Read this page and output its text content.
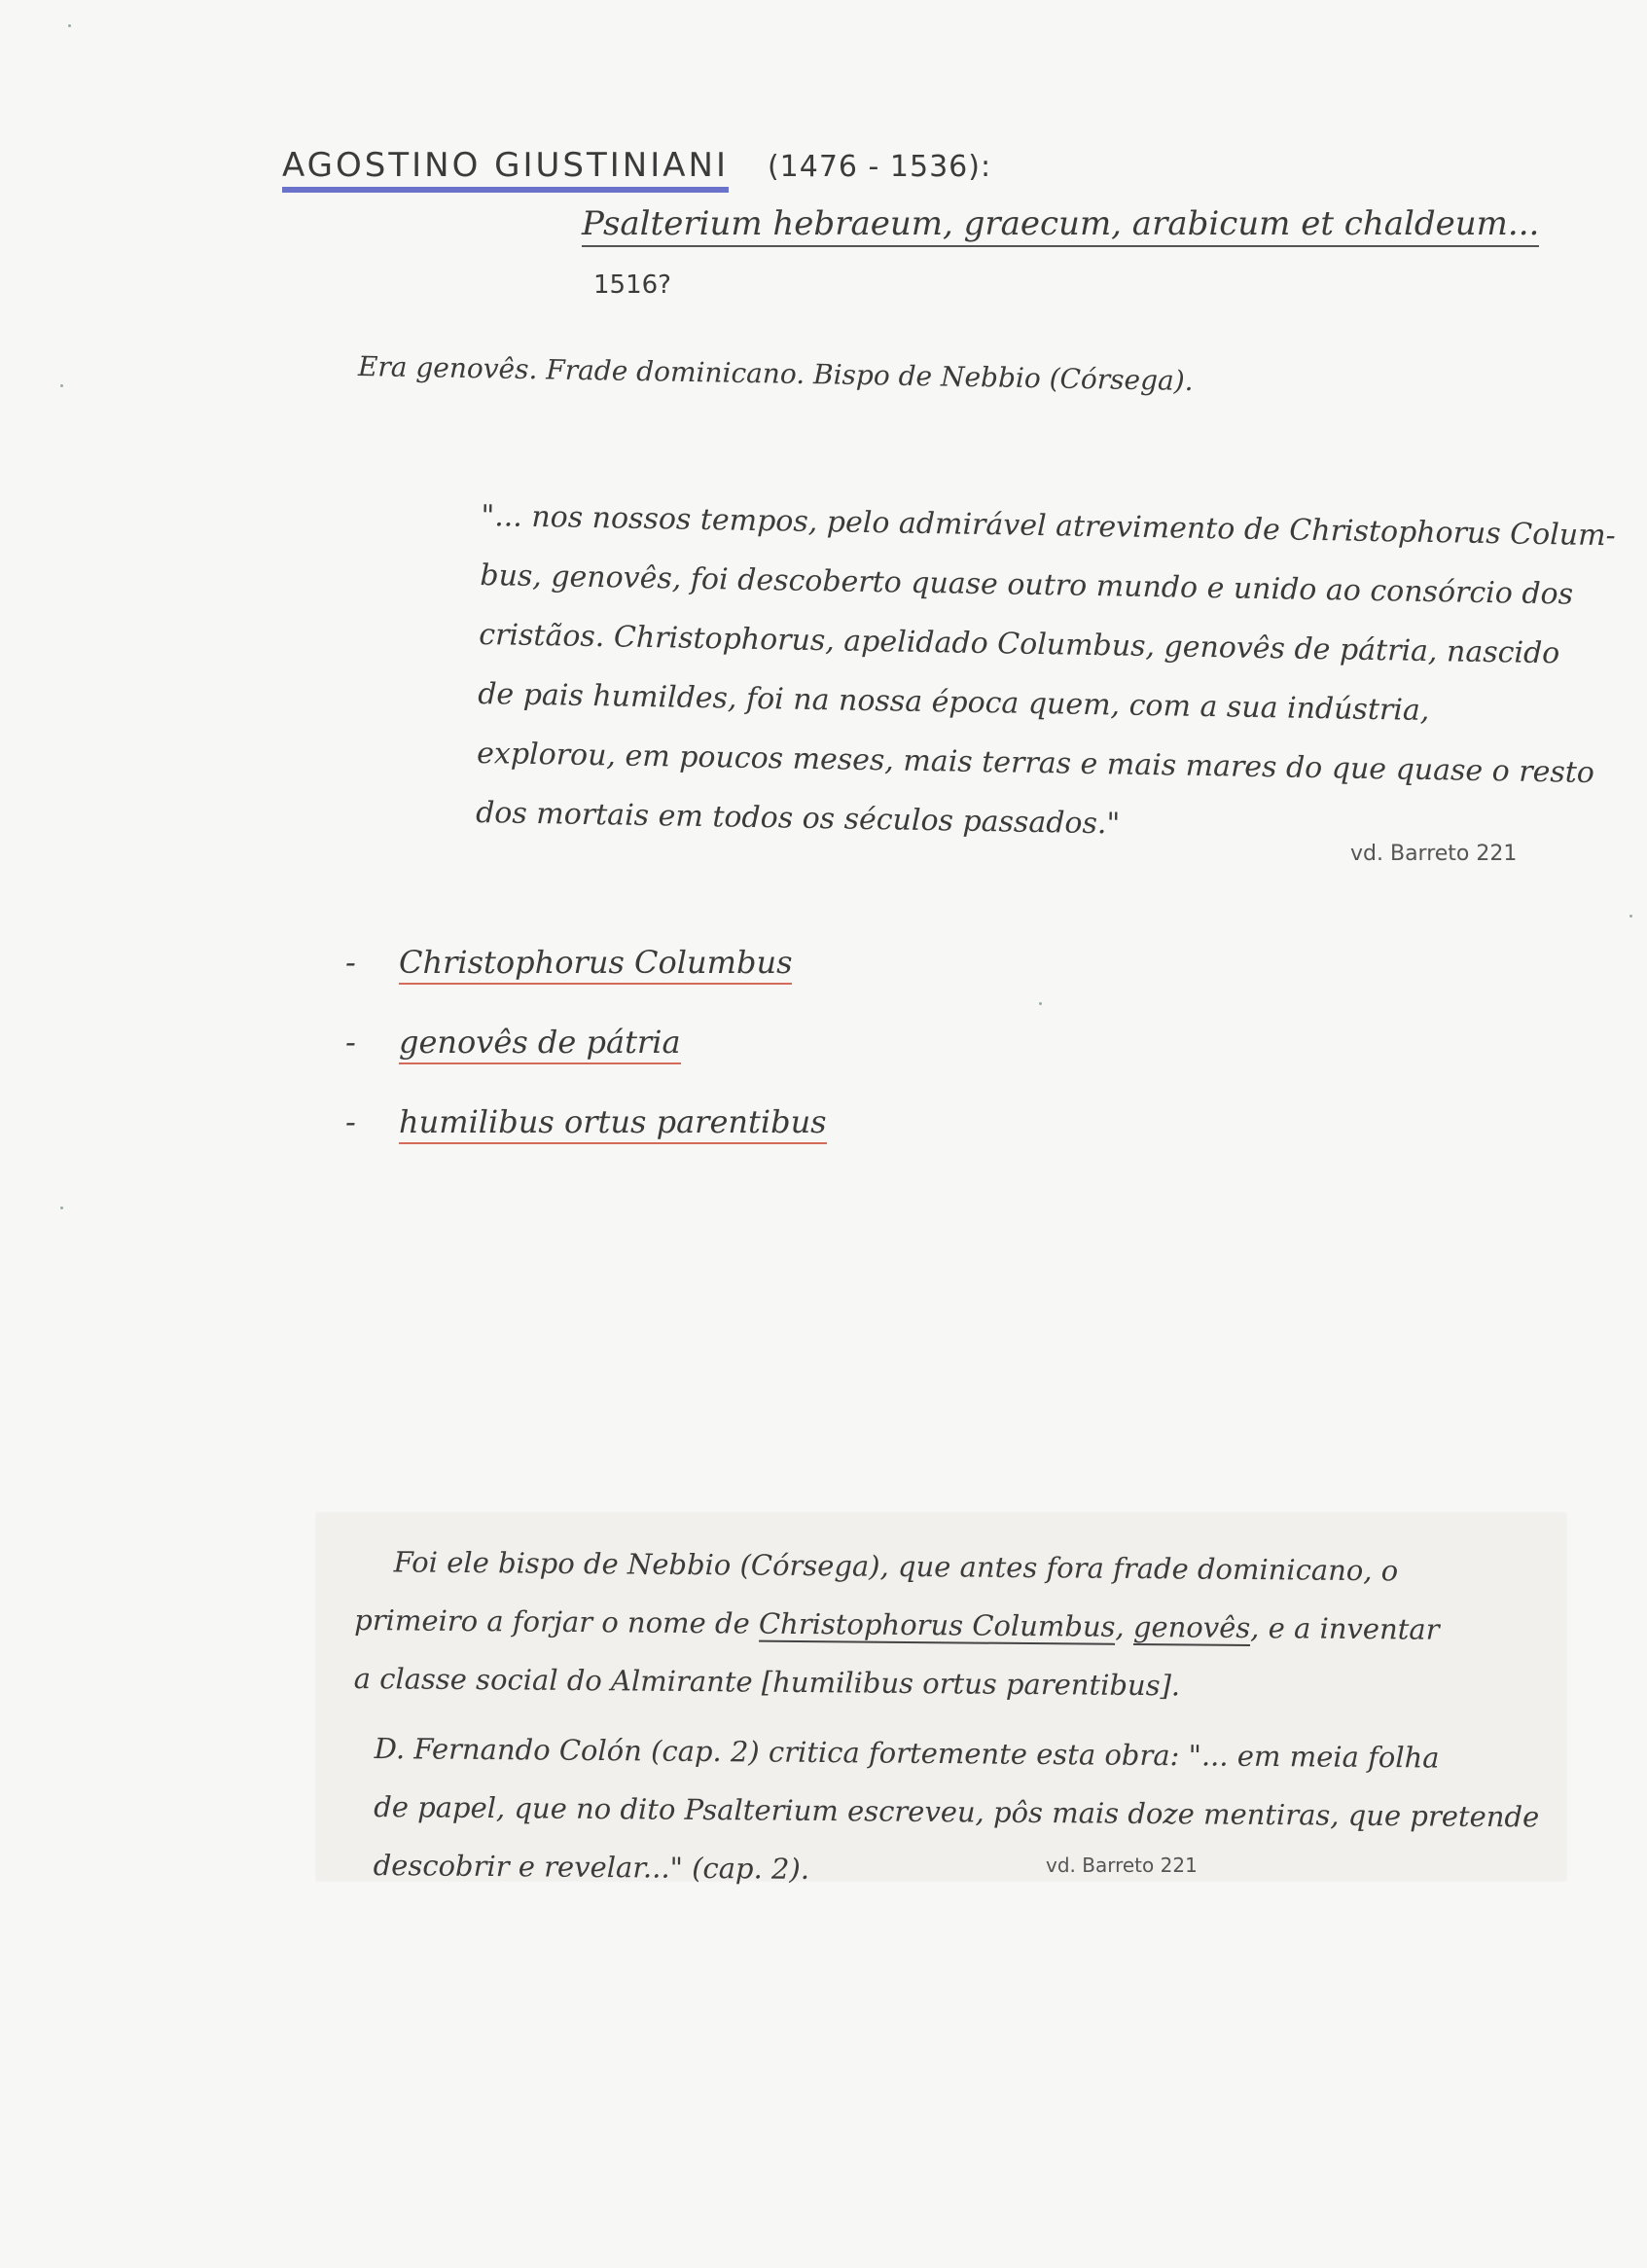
AGOSTINO GIUSTINIANI (1476 - 1536):
Psalterium hebraeum, graecum, arabicum et chaldeum...
1516?
Era genovês. Frade dominicano. Bispo de Nebbio (Córsega).
"... nos nossos tempos, pelo admirável atrevimento de Christophorus Colum-
bus, genovês, foi descoberto quase outro mundo e unido ao consórcio dos
cristãos. Christophorus, apelidado Columbus, genovês de pátria, nascido
de pais humildes, foi na nossa época quem, com a sua indústria,
explorou, em poucos meses, mais terras e mais mares do que quase o resto
dos mortais em todos os séculos passados."
vd. Barreto 221
- Christophorus Columbus
- genovês de pátria
- humilibus ortus parentibus
Foi ele bispo de Nebbio (Córsega), que antes fora frade dominicano, o
primeiro a forjar o nome de Christophorus Columbus, genovês, e a inventar
a classe social do Almirante [humilibus ortus parentibus].
D. Fernando Colón (cap. 2) critica fortemente esta obra: "... em meia folha
de papel, que no dito Psalterium escreveu, pôs mais doze mentiras, que pretende
descobrir e revelar..." (cap. 2).	vd. Barreto 221
